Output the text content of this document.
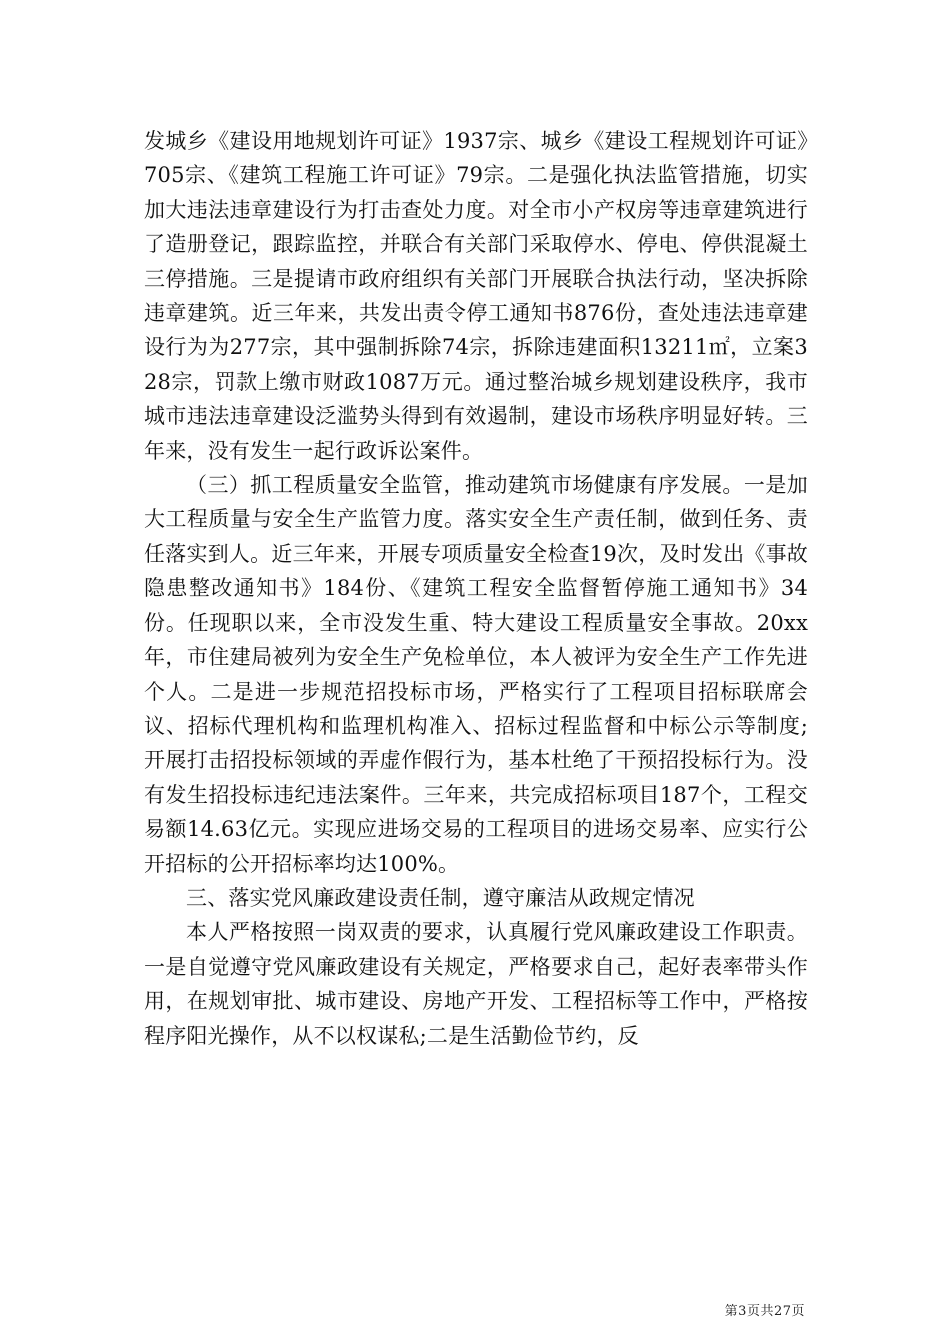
发城乡《建设用地规划许可证》1937宗、城乡《建设工程规划许可证》705宗、《建筑工程施工许可证》79宗。二是强化执法监管措施，切实加大违法违章建设行为打击查处力度。对全市小产权房等违章建筑进行了造册登记，跟踪监控，并联合有关部门采取停水、停电、停供混凝土三停措施。三是提请市政府组织有关部门开展联合执法行动，坚决拆除违章建筑。近三年来，共发出责令停工通知书876份，查处违法违章建设行为为277宗，其中强制拆除74宗，拆除违建面积13211㎡，立案328宗，罚款上缴市财政1087万元。通过整治城乡规划建设秩序，我市城市违法违章建设泛滥势头得到有效遏制，建设市场秩序明显好转。三年来，没有发生一起行政诉讼案件。

（三）抓工程质量安全监管，推动建筑市场健康有序发展。一是加大工程质量与安全生产监管力度。落实安全生产责任制，做到任务、责任落实到人。近三年来，开展专项质量安全检查19次，及时发出《事故隐患整改通知书》184份、《建筑工程安全监督暂停施工通知书》34份。任现职以来，全市没发生重、特大建设工程质量安全事故。20xx年，市住建局被列为安全生产免检单位，本人被评为安全生产工作先进个人。二是进一步规范招投标市场，严格实行了工程项目招标联席会议、招标代理机构和监理机构准入、招标过程监督和中标公示等制度;开展打击招投标领域的弄虚作假行为，基本杜绝了干预招投标行为。没有发生招投标违纪违法案件。三年来，共完成招标项目187个，工程交易额14.63亿元。实现应进场交易的工程项目的进场交易率、应实行公开招标的公开招标率均达100%。

三、落实党风廉政建设责任制，遵守廉洁从政规定情况

本人严格按照一岗双责的要求，认真履行党风廉政建设工作职责。一是自觉遵守党风廉政建设有关规定，严格要求自己，起好表率带头作用，在规划审批、城市建设、房地产开发、工程招标等工作中，严格按程序阳光操作，从不以权谋私;二是生活勤俭节约，反

第3页共27页
